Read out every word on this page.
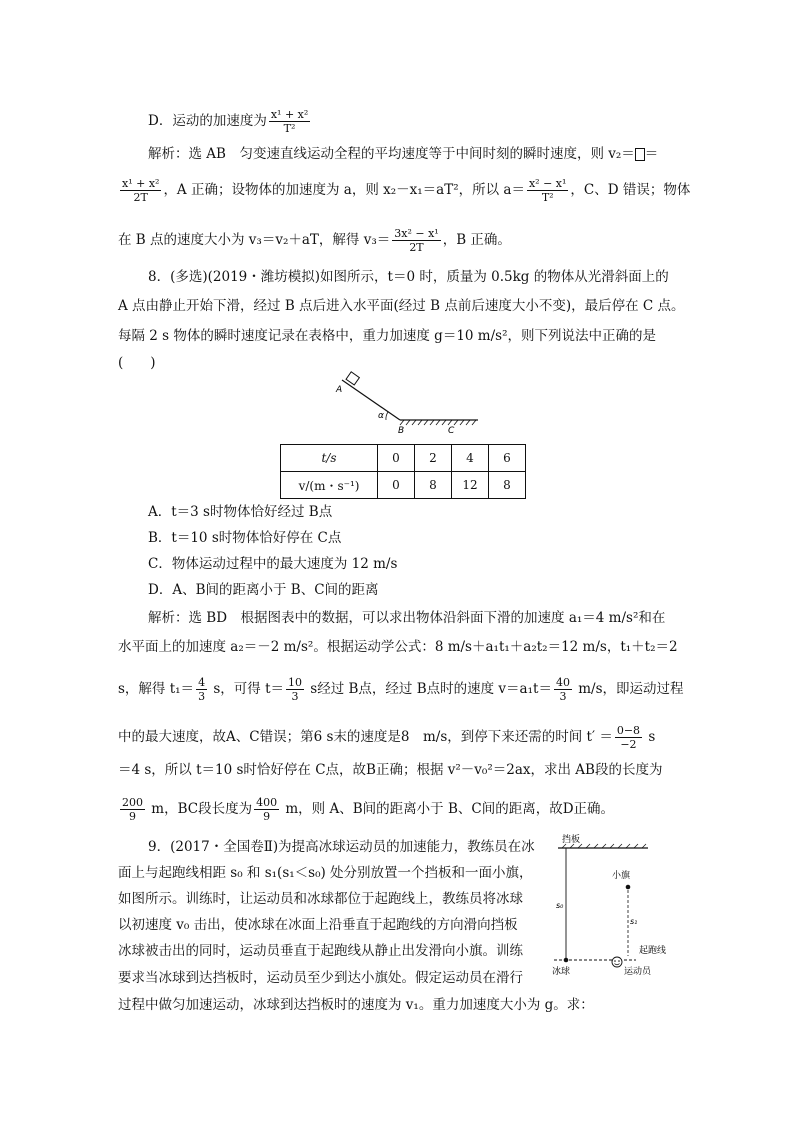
D．运动的加速度为 $\frac{\text{x¹ + x²}}{\text{T²}}$
解析：选 AB　匀变速直线运动全程的平均速度等于中间时刻的瞬时速度，则 v₂＝ ＝
$\frac{\text{x¹ + x²}}{2T}$ ，A 正确；设物体的加速度为 a，则 x₂－x₁＝aT²，所以 $a= \frac{\text{x² − x¹}}{\text{T²}}$ ，C、D 错误；物体
在 B 点的速度大小为 v₃＝v₂＋aT，解得 $v_3= \frac{\text{3x² − x¹}}{2T}$ ，B 正确。
8．(多选)(2019・潍坊模拟)如图所示，t＝0 时，质量为 0.5kg 的物体从光滑斜面上的
A 点由静止开始下滑，经过 B 点后进入水平面(经过 B 点前后速度大小不变)，最后停在 C 点。
每隔 2 s 物体的瞬时速度记录在表格中，重力加速度 g＝10 m/s²，则下列说法中正确的是
(　　)
A
α
B	C
t/s	0	2	4	6
v/(m・s⁻¹)	0	8	12	8
A．t＝3 s时物体恰好经过 B点
B．t＝10 s时物体恰好停在 C点
C．物体运动过程中的最大速度为 12 m/s
D．A、B间的距离小于 B、C间的距离
解析：选 BD　根据图表中的数据，可以求出物体沿斜面下滑的加速度 a₁＝4 m/s²和在
水平面上的加速度 a₂＝－2 m/s²。根据运动学公式：8 m/s＋a₁t₁＋a₂t₂＝12 m/s，t₁＋t₂＝2
s，解得 $t_1= \frac{4}{3}$ s，可得 $t= \frac{10}{3}$ s经过 B点，经过 B点时的速度 $v=a_1t= \frac{40}{3} m/s$，即运动过程
中的最大速度，故A、C错误；第6 s末的速度是8　m/s，到停下来还需的时间 $t' = \frac{0-8}{-2}$ s
＝4 s，所以 t＝10 s时恰好停在 C点，故B正确；根据 v²－v₀²＝2ax，求出 AB段的长度为
$\frac{200}{9}$ m，BC段长度为 $\frac{400}{9}$ m，则 A、B间的距离小于 B、C间的距离，故D正确。
9．(2017・全国卷Ⅱ)为提高冰球运动员的加速能力，教练员在冰
面上与起跑线相距 s₀ 和 s₁(s₁＜s₀) 处分别放置一个挡板和一面小旗，
如图所示。训练时，让运动员和冰球都位于起跑线上，教练员将冰球
以初速度 v₀ 击出，使冰球在冰面上沿垂直于起跑线的方向滑向挡板
冰球被击出的同时，运动员垂直于起跑线从静止出发滑向小旗。训练
要求当冰球到达挡板时，运动员至少到达小旗处。假定运动员在滑行
过程中做匀加速运动，冰球到达挡板时的速度为 v₁。重力加速度大小为 g。求：
挡板
s₀
小旗
s₁
起跑线
冰球	运动员
